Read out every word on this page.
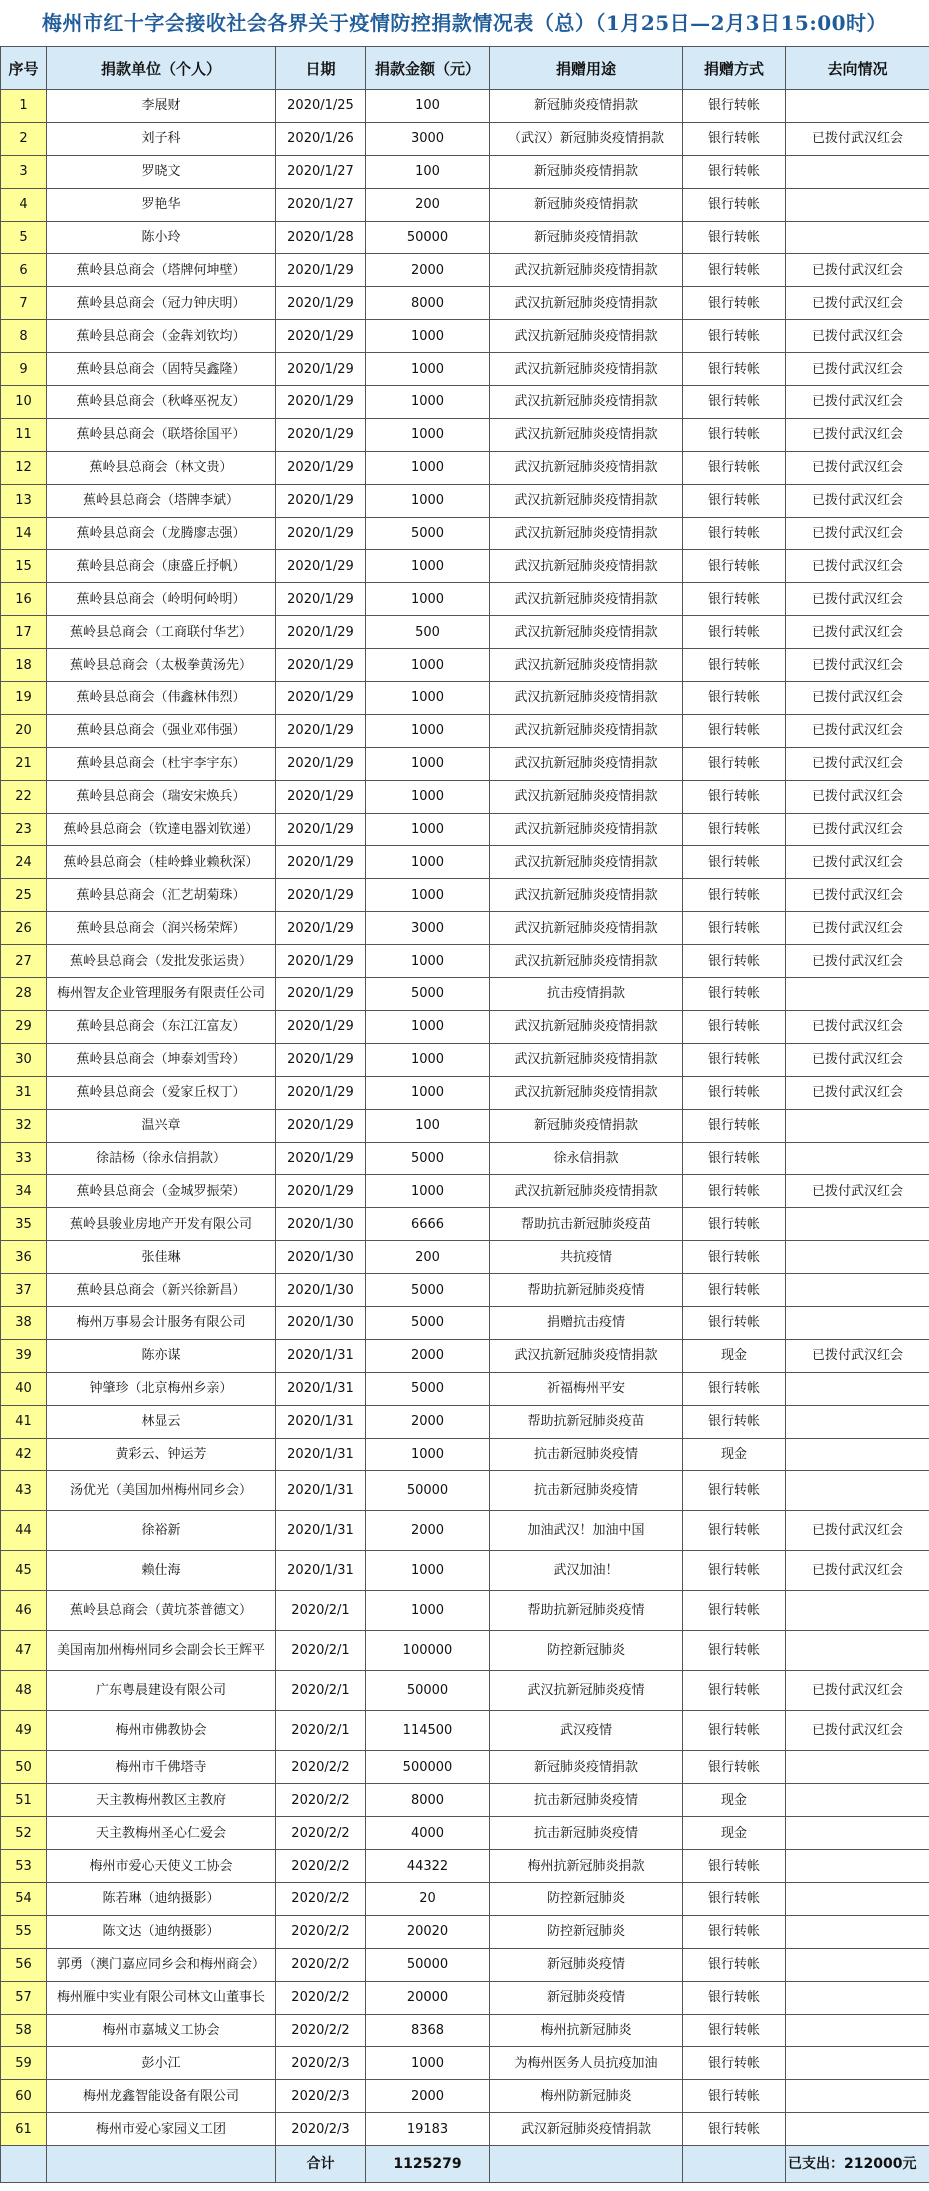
梅州市红十字会接收社会各界关于疫情防控捐款情况表（总）（1月25日—2月3日15:00时）
序号	捐款单位（个人）	日期	捐款金额（元）	捐赠用途	捐赠方式	去向情况
1	李展财	2020/1/25	100	新冠肺炎疫情捐款	银行转帐	
2	刘子科	2020/1/26	3000	（武汉）新冠肺炎疫情捐款	银行转帐	已拨付武汉红会
3	罗晓文	2020/1/27	100	新冠肺炎疫情捐款	银行转帐	
4	罗艳华	2020/1/27	200	新冠肺炎疫情捐款	银行转帐	
5	陈小玲	2020/1/28	50000	新冠肺炎疫情捐款	银行转帐	
6	蕉岭县总商会（塔牌何坤壁）	2020/1/29	2000	武汉抗新冠肺炎疫情捐款	银行转帐	已拨付武汉红会
7	蕉岭县总商会（冠力钟庆明）	2020/1/29	8000	武汉抗新冠肺炎疫情捐款	银行转帐	已拨付武汉红会
8	蕉岭县总商会（金犇刘钦均）	2020/1/29	1000	武汉抗新冠肺炎疫情捐款	银行转帐	已拨付武汉红会
9	蕉岭县总商会（固特吴鑫隆）	2020/1/29	1000	武汉抗新冠肺炎疫情捐款	银行转帐	已拨付武汉红会
10	蕉岭县总商会（秋峰巫祝友）	2020/1/29	1000	武汉抗新冠肺炎疫情捐款	银行转帐	已拨付武汉红会
11	蕉岭县总商会（联塔徐国平）	2020/1/29	1000	武汉抗新冠肺炎疫情捐款	银行转帐	已拨付武汉红会
12	蕉岭县总商会（林文贵）	2020/1/29	1000	武汉抗新冠肺炎疫情捐款	银行转帐	已拨付武汉红会
13	蕉岭县总商会（塔牌李斌）	2020/1/29	1000	武汉抗新冠肺炎疫情捐款	银行转帐	已拨付武汉红会
14	蕉岭县总商会（龙腾廖志强）	2020/1/29	5000	武汉抗新冠肺炎疫情捐款	银行转帐	已拨付武汉红会
15	蕉岭县总商会（康盛丘抒帆）	2020/1/29	1000	武汉抗新冠肺炎疫情捐款	银行转帐	已拨付武汉红会
16	蕉岭县总商会（岭明何岭明）	2020/1/29	1000	武汉抗新冠肺炎疫情捐款	银行转帐	已拨付武汉红会
17	蕉岭县总商会（工商联付华艺）	2020/1/29	500	武汉抗新冠肺炎疫情捐款	银行转帐	已拨付武汉红会
18	蕉岭县总商会（太极拳黄汤先）	2020/1/29	1000	武汉抗新冠肺炎疫情捐款	银行转帐	已拨付武汉红会
19	蕉岭县总商会（伟鑫林伟烈）	2020/1/29	1000	武汉抗新冠肺炎疫情捐款	银行转帐	已拨付武汉红会
20	蕉岭县总商会（强业邓伟强）	2020/1/29	1000	武汉抗新冠肺炎疫情捐款	银行转帐	已拨付武汉红会
21	蕉岭县总商会（杜宇李宇东）	2020/1/29	1000	武汉抗新冠肺炎疫情捐款	银行转帐	已拨付武汉红会
22	蕉岭县总商会（瑞安宋焕兵）	2020/1/29	1000	武汉抗新冠肺炎疫情捐款	银行转帐	已拨付武汉红会
23	蕉岭县总商会（钦達电器刘钦递）	2020/1/29	1000	武汉抗新冠肺炎疫情捐款	银行转帐	已拨付武汉红会
24	蕉岭县总商会（桂岭蜂业赖秋深）	2020/1/29	1000	武汉抗新冠肺炎疫情捐款	银行转帐	已拨付武汉红会
25	蕉岭县总商会（汇艺胡菊珠）	2020/1/29	1000	武汉抗新冠肺炎疫情捐款	银行转帐	已拨付武汉红会
26	蕉岭县总商会（润兴杨荣辉）	2020/1/29	3000	武汉抗新冠肺炎疫情捐款	银行转帐	已拨付武汉红会
27	蕉岭县总商会（发批发张运贵）	2020/1/29	1000	武汉抗新冠肺炎疫情捐款	银行转帐	已拨付武汉红会
28	梅州智友企业管理服务有限责任公司	2020/1/29	5000	抗击疫情捐款	银行转帐	
29	蕉岭县总商会（东江江富友）	2020/1/29	1000	武汉抗新冠肺炎疫情捐款	银行转帐	已拨付武汉红会
30	蕉岭县总商会（坤泰刘雪玲）	2020/1/29	1000	武汉抗新冠肺炎疫情捐款	银行转帐	已拨付武汉红会
31	蕉岭县总商会（爱家丘权丁）	2020/1/29	1000	武汉抗新冠肺炎疫情捐款	银行转帐	已拨付武汉红会
32	温兴章	2020/1/29	100	新冠肺炎疫情捐款	银行转帐	
33	徐詰杨（徐永信捐款）	2020/1/29	5000	徐永信捐款	银行转帐	
34	蕉岭县总商会（金城罗振荣）	2020/1/29	1000	武汉抗新冠肺炎疫情捐款	银行转帐	已拨付武汉红会
35	蕉岭县骏业房地产开发有限公司	2020/1/30	6666	帮助抗击新冠肺炎疫苗	银行转帐	
36	张佳琳	2020/1/30	200	共抗疫情	银行转帐	
37	蕉岭县总商会（新兴徐新昌）	2020/1/30	5000	帮助抗新冠肺炎疫情	银行转帐	
38	梅州万事易会计服务有限公司	2020/1/30	5000	捐赠抗击疫情	银行转帐	
39	陈亦谋	2020/1/31	2000	武汉抗新冠肺炎疫情捐款	现金	已拨付武汉红会
40	钟肇珍（北京梅州乡亲）	2020/1/31	5000	祈福梅州平安	银行转帐	
41	林显云	2020/1/31	2000	帮助抗新冠肺炎疫苗	银行转帐	
42	黄彩云、钟运芳	2020/1/31	1000	抗击新冠肺炎疫情	现金	
43	汤优光（美国加州梅州同乡会）	2020/1/31	50000	抗击新冠肺炎疫情	银行转帐	
44	徐裕新	2020/1/31	2000	加油武汉！加油中国	银行转帐	已拨付武汉红会
45	赖仕海	2020/1/31	1000	武汉加油！	银行转帐	已拨付武汉红会
46	蕉岭县总商会（黄坑茶普德文）	2020/2/1	1000	帮助抗新冠肺炎疫情	银行转帐	
47	美国南加州梅州同乡会副会长王辉平	2020/2/1	100000	防控新冠肺炎	银行转帐	
48	广东粤晨建设有限公司	2020/2/1	50000	武汉抗新冠肺炎疫情	银行转帐	已拨付武汉红会
49	梅州市佛教协会	2020/2/1	114500	武汉疫情	银行转帐	已拨付武汉红会
50	梅州市千佛塔寺	2020/2/2	500000	新冠肺炎疫情捐款	银行转帐	
51	天主教梅州教区主教府	2020/2/2	8000	抗击新冠肺炎疫情	现金	
52	天主教梅州圣心仁爱会	2020/2/2	4000	抗击新冠肺炎疫情	现金	
53	梅州市爱心天使义工协会	2020/2/2	44322	梅州抗新冠肺炎捐款	银行转帐	
54	陈若琳（迪纳摄影）	2020/2/2	20	防控新冠肺炎	银行转帐	
55	陈文达（迪纳摄影）	2020/2/2	20020	防控新冠肺炎	银行转帐	
56	郭勇（澳门嘉应同乡会和梅州商会）	2020/2/2	50000	新冠肺炎疫情	银行转帐	
57	梅州雁中实业有限公司林文山董事长	2020/2/2	20000	新冠肺炎疫情	银行转帐	
58	梅州市嘉城义工协会	2020/2/2	8368	梅州抗新冠肺炎	银行转帐	
59	彭小江	2020/2/3	1000	为梅州医务人员抗疫加油	银行转帐	
60	梅州龙鑫智能设备有限公司	2020/2/3	2000	梅州防新冠肺炎	银行转帐	
61	梅州市爱心家园义工团	2020/2/3	19183	武汉新冠肺炎疫情捐款	银行转帐	
		合计	1125279			已支出：212000元
